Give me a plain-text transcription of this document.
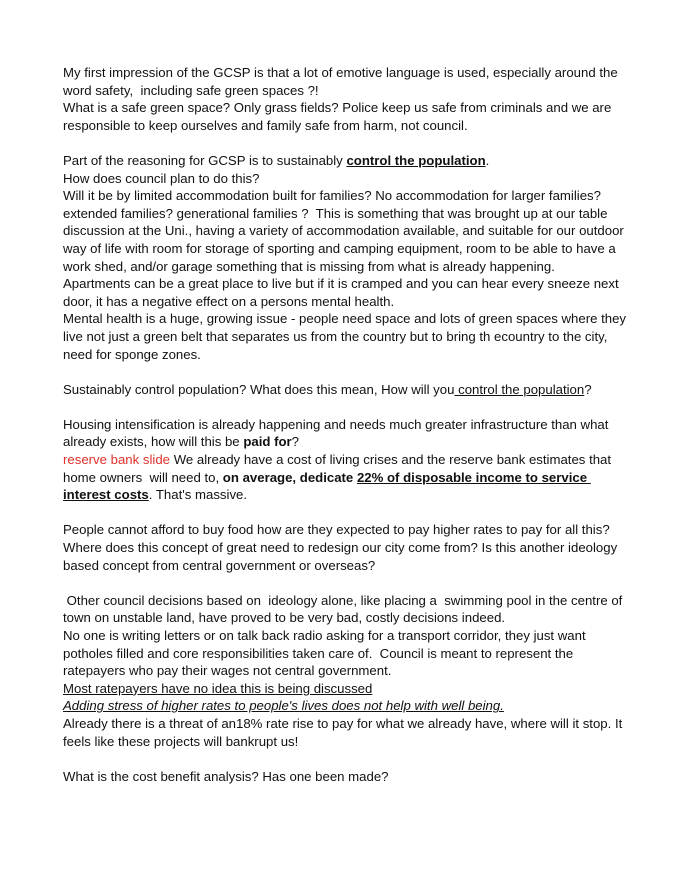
My first impression of the GCSP is that a lot of emotive language is used, especially around the word safety,  including safe green spaces ?!

What is a safe green space? Only grass fields? Police keep us safe from criminals and we are responsible to keep ourselves and family safe from harm, not council.

Part of the reasoning for GCSP is to sustainably control the population.

How does council plan to do this?

Will it be by limited accommodation built for families? No accommodation for larger families? extended families? generational families ?  This is something that was brought up at our table discussion at the Uni., having a variety of accommodation available, and suitable for our outdoor way of life with room for storage of sporting and camping equipment, room to be able to have a work shed, and/or garage something that is missing from what is already happening.

Apartments can be a great place to live but if it is cramped and you can hear every sneeze next door, it has a negative effect on a persons mental health.

Mental health is a huge, growing issue - people need space and lots of green spaces where they live not just a green belt that separates us from the country but to bring th ecountry to the city, need for sponge zones.

Sustainably control population? What does this mean, How will you control the population?

Housing intensification is already happening and needs much greater infrastructure than what already exists, how will this be paid for?

reserve bank slide We already have a cost of living crises and the reserve bank estimates that home owners  will need to, on average, dedicate 22% of disposable income to service interest costs. That's massive.

People cannot afford to buy food how are they expected to pay higher rates to pay for all this?    Where does this concept of great need to redesign our city come from? Is this another ideology based concept from central government or overseas?

Other council decisions based on  ideology alone, like placing a  swimming pool in the centre of town on unstable land, have proved to be very bad, costly decisions indeed.

No one is writing letters or on talk back radio asking for a transport corridor, they just want potholes filled and core responsibilities taken care of.  Council is meant to represent the ratepayers who pay their wages not central government.

Most ratepayers have no idea this is being discussed

Adding stress of higher rates to people's lives does not help with well being.

Already there is a threat of an18% rate rise to pay for what we already have, where will it stop. It feels like these projects will bankrupt us!

What is the cost benefit analysis? Has one been made?
